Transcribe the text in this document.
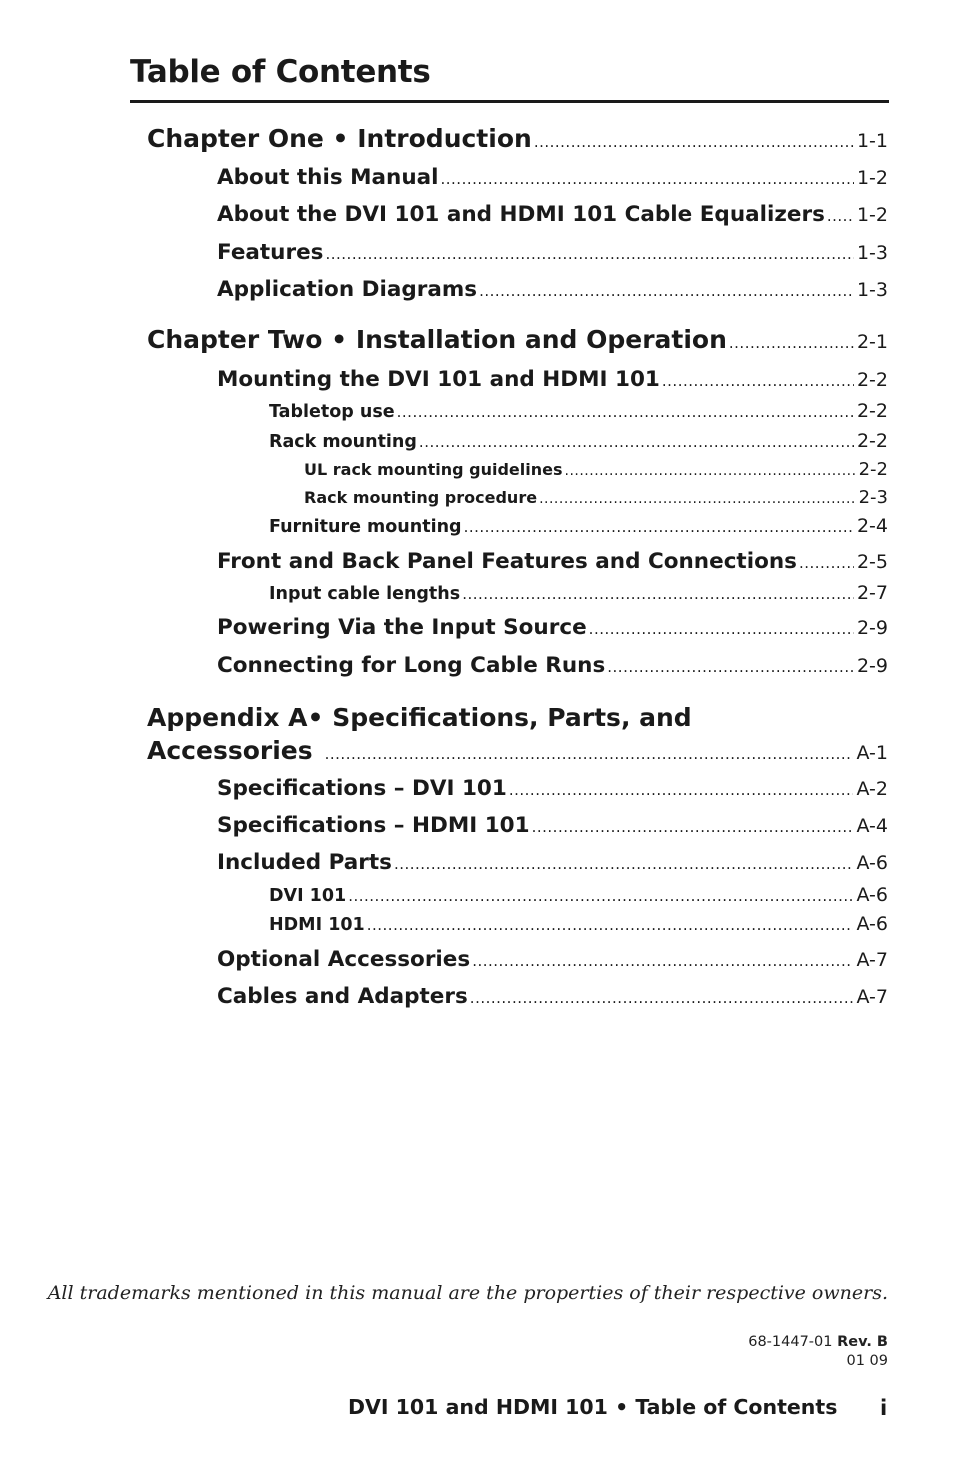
Table of Contents
Chapter One • Introduction .....	1-1
About this Manual .....	1-2
About the DVI 101 and HDMI 101 Cable Equalizers ..... 1-2
Features .....	1-3
Application Diagrams .....	1-3
Chapter Two • Installation and Operation .....	2-1
Mounting the DVI 101 and HDMI 101 .....	2-2
Tabletop use .....	2-2
Rack mounting .....	2-2
UL rack mounting guidelines .....	2-2
Rack mounting procedure .....	2-3
Furniture mounting .....	2-4
Front and Back Panel Features and Connections .....	2-5
Input cable lengths .....	2-7
Powering Via the Input Source .....	2-9
Connecting for Long Cable Runs .....	2-9
Appendix A• Specifications, Parts, and
Accessories .....	A-1
Specifications – DVI 101 .....	A-2
Specifications – HDMI 101 .....	A-4
Included Parts .....	A-6
DVI 101 .....	A-6
HDMI 101 .....	A-6
Optional Accessories .....	A-7
Cables and Adapters .....	A-7
All trademarks mentioned in this manual are the properties of their respective owners.
68-1447-01 Rev. B
01 09
DVI 101 and HDMI 101 • Table of Contents i
